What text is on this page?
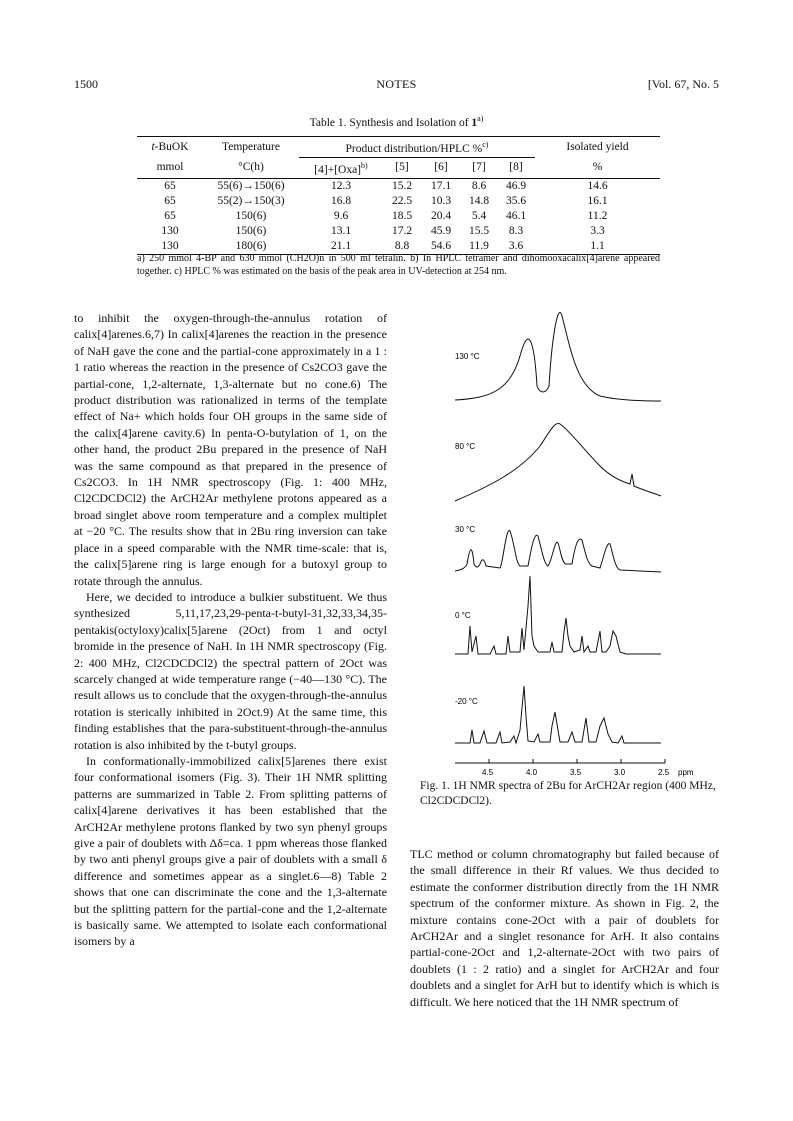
1500	NOTES	[Vol. 67, No. 5
Table 1. Synthesis and Isolation of 1$^{a)}$
t-BuOK	Temperature	Product distribution/HPLC %$^{c)}$					Isolated yield
mmol	°C(h)	[4]+[Oxa]$^{b)}$	[5]	[6]	[7]	[8]	%
65	55(6)→150(6)	12.3	15.2	17.1	8.6	46.9	14.6
65	55(2)→150(3)	16.8	22.5	10.3	14.8	35.6	16.1
65	150(6)	9.6	18.5	20.4	5.4	46.1	11.2
130	150(6)	13.1	17.2	45.9	15.5	8.3	3.3
130	180(6)	21.1	8.8	54.6	11.9	3.6	1.1
a) 250 mmol 4-BP and 630 mmol (CH2O)n in 500 ml tetralin. b) In HPLC tetramer and dihomooxacalix[4]arene appeared together. c) HPLC % was estimated on the basis of the peak area in UV-detection at 254 nm.

to inhibit the oxygen-through-the-annulus rotation of calix[4]arenes.6,7) In calix[4]arenes the reaction in the presence of NaH gave the cone and the partial-cone approximately in a 1 : 1 ratio whereas the reaction in the presence of Cs2CO3 gave the partial-cone, 1,2-alternate, 1,3-alternate but no cone.6) The product distribution was rationalized in terms of the template effect of Na+ which holds four OH groups in the same side of the calix[4]arene cavity.6) In penta-O-butylation of 1, on the other hand, the product 2Bu prepared in the presence of NaH was the same compound as that prepared in the presence of Cs2CO3. In 1H NMR spectroscopy (Fig. 1: 400 MHz, Cl2CDCDCl2) the ArCH2Ar methylene protons appeared as a broad singlet above room temperature and a complex multiplet at −20 °C. The results show that in 2Bu ring inversion can take place in a speed comparable with the NMR time-scale: that is, the calix[5]arene ring is large enough for a butoxyl group to rotate through the annulus.

Here, we decided to introduce a bulkier substituent. We thus synthesized 5,11,17,23,29-penta-t-butyl-31,32,33,34,35-pentakis(octyloxy)calix[5]arene (2Oct) from 1 and octyl bromide in the presence of NaH. In 1H NMR spectroscopy (Fig. 2: 400 MHz, Cl2CDCDCl2) the spectral pattern of 2Oct was scarcely changed at wide temperature range (−40—130 °C). The result allows us to conclude that the oxygen-through-the-annulus rotation is sterically inhibited in 2Oct.9) At the same time, this finding establishes that the para-substituent-through-the-annulus rotation is also inhibited by the t-butyl groups.

In conformationally-immobilized calix[5]arenes there exist four conformational isomers (Fig. 3). Their 1H NMR splitting patterns are summarized in Table 2. From splitting patterns of calix[4]arene derivatives it has been established that the ArCH2Ar methylene protons flanked by two syn phenyl groups give a pair of doublets with Δδ=ca. 1 ppm whereas those flanked by two anti phenyl groups give a pair of doublets with a small δ difference and sometimes appear as a singlet.6—8) Table 2 shows that one can discriminate the cone and the 1,3-alternate but the splitting pattern for the partial-cone and the 1,2-alternate is basically same. We attempted to isolate each conformational isomers by a

130 °C
80 °C
30 °C
0 °C
-20 °C
4.5	4.0	3.5	3.0	2.5 ppm
Fig. 1. 1H NMR spectra of 2Bu for ArCH2Ar region (400 MHz, Cl2CDCDCl2).

TLC method or column chromatography but failed because of the small difference in their Rf values. We thus decided to estimate the conformer distribution directly from the 1H NMR spectrum of the conformer mixture. As shown in Fig. 2, the mixture contains cone-2Oct with a pair of doublets for ArCH2Ar and a singlet resonance for ArH. It also contains partial-cone-2Oct and 1,2-alternate-2Oct with two pairs of doublets (1 : 2 ratio) and a singlet for ArCH2Ar and four doublets and a singlet for ArH but to identify which is which is difficult. We here noticed that the 1H NMR spectrum of
